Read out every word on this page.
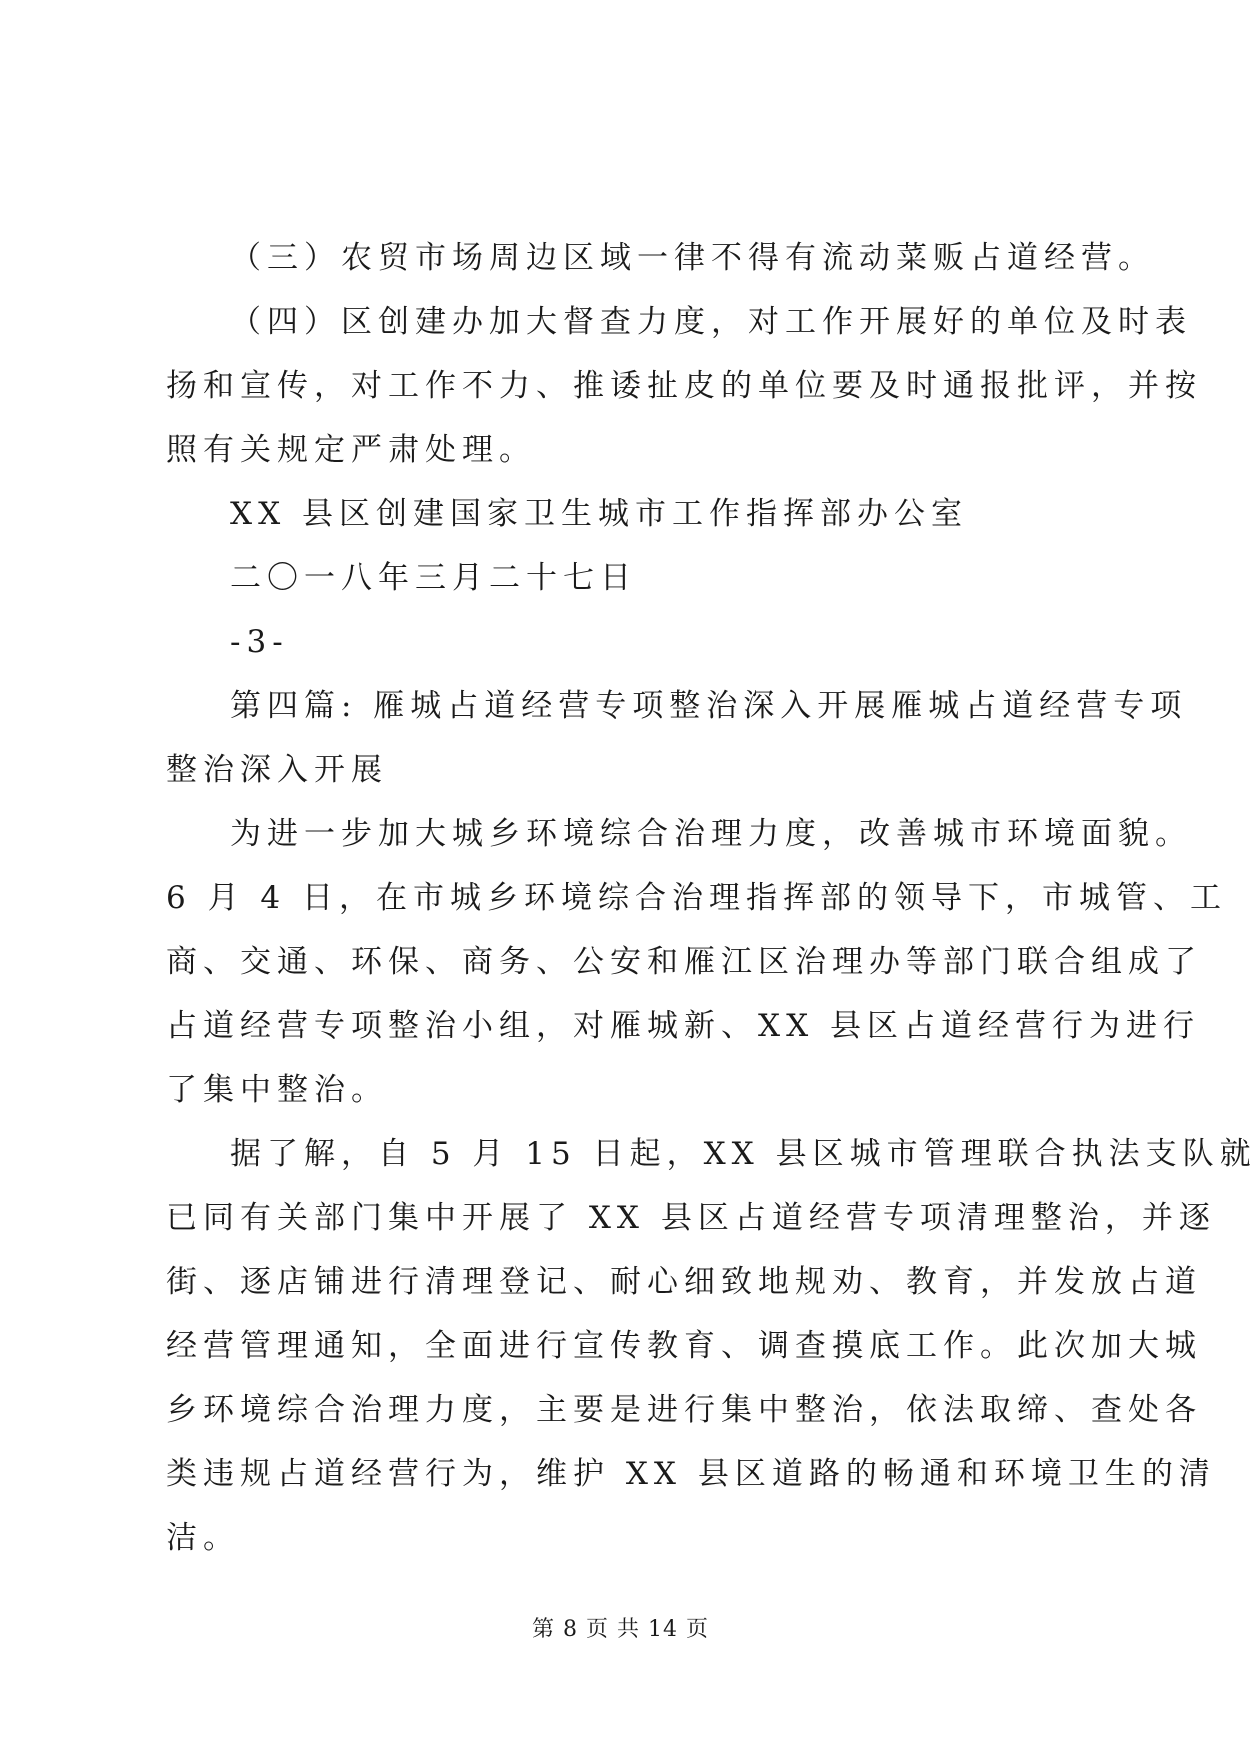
（三）农贸市场周边区域一律不得有流动菜贩占道经营。
（四）区创建办加大督查力度，对工作开展好的单位及时表
扬和宣传，对工作不力、推诿扯皮的单位要及时通报批评，并按
照有关规定严肃处理。
XX 县区创建国家卫生城市工作指挥部办公室
二〇一八年三月二十七日
-3-
第四篇: 雁城占道经营专项整治深入开展雁城占道经营专项
整治深入开展
为进一步加大城乡环境综合治理力度，改善城市环境面貌。
6 月 4 日，在市城乡环境综合治理指挥部的领导下，市城管、工
商、交通、环保、商务、公安和雁江区治理办等部门联合组成了
占道经营专项整治小组，对雁城新、XX 县区占道经营行为进行
了集中整治。
据了解，自 5 月 15 日起，XX 县区城市管理联合执法支队就
已同有关部门集中开展了 XX 县区占道经营专项清理整治，并逐
街、逐店铺进行清理登记、耐心细致地规劝、教育，并发放占道
经营管理通知，全面进行宣传教育、调查摸底工作。此次加大城
乡环境综合治理力度，主要是进行集中整治，依法取缔、查处各
类违规占道经营行为，维护 XX 县区道路的畅通和环境卫生的清
洁。
第 8 页 共 14 页
